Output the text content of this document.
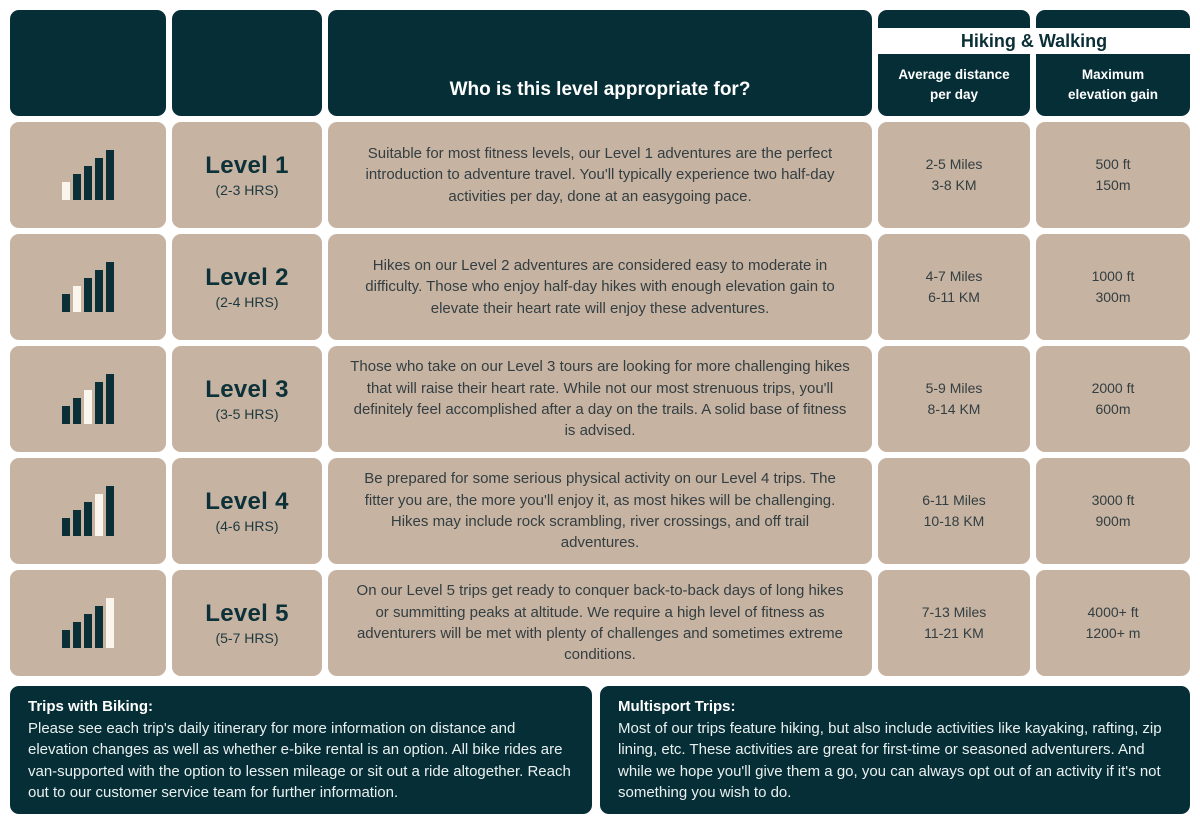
Who is this level appropriate for?
Average distance
per day
Maximum
elevation gain
Hiking & Walking
Level 1
(2-3 HRS)

Suitable for most fitness levels, our Level 1 adventures are the perfect introduction to adventure travel. You'll typically experience two half-day activities per day, done at an easygoing pace.

2-5 Miles
3-8 KM
500 ft
150m
Level 2
(2-4 HRS)

Hikes on our Level 2 adventures are considered easy to moderate in difficulty. Those who enjoy half-day hikes with enough elevation gain to elevate their heart rate will enjoy these adventures.

4-7 Miles
6-11 KM
1000 ft
300m
Level 3
(3-5 HRS)

Those who take on our Level 3 tours are looking for more challenging hikes that will raise their heart rate. While not our most strenuous trips, you'll definitely feel accomplished after a day on the trails. A solid base of fitness is advised.

5-9 Miles
8-14 KM
2000 ft
600m
Level 4
(4-6 HRS)

Be prepared for some serious physical activity on our Level 4 trips. The fitter you are, the more you'll enjoy it, as most hikes will be challenging. Hikes may include rock scrambling, river crossings, and off trail adventures.

6-11 Miles
10-18 KM
3000 ft
900m
Level 5
(5-7 HRS)

On our Level 5 trips get ready to conquer back-to-back days of long hikes or summitting peaks at altitude. We require a high level of fitness as adventurers will be met with plenty of challenges and sometimes extreme conditions.

7-13 Miles
11-21 KM
4000+ ft
1200+ m
Trips with Biking:
Please see each trip's daily itinerary for more information on distance and elevation changes as well as whether e-bike rental is an option. All bike rides are van-supported with the option to lessen mileage or sit out a ride altogether. Reach out to our customer service team for further information.
Multisport Trips:
Most of our trips feature hiking, but also include activities like kayaking, rafting, zip lining, etc. These activities are great for first-time or seasoned adventurers. And while we hope you'll give them a go, you can always opt out of an activity if it's not something you wish to do.
